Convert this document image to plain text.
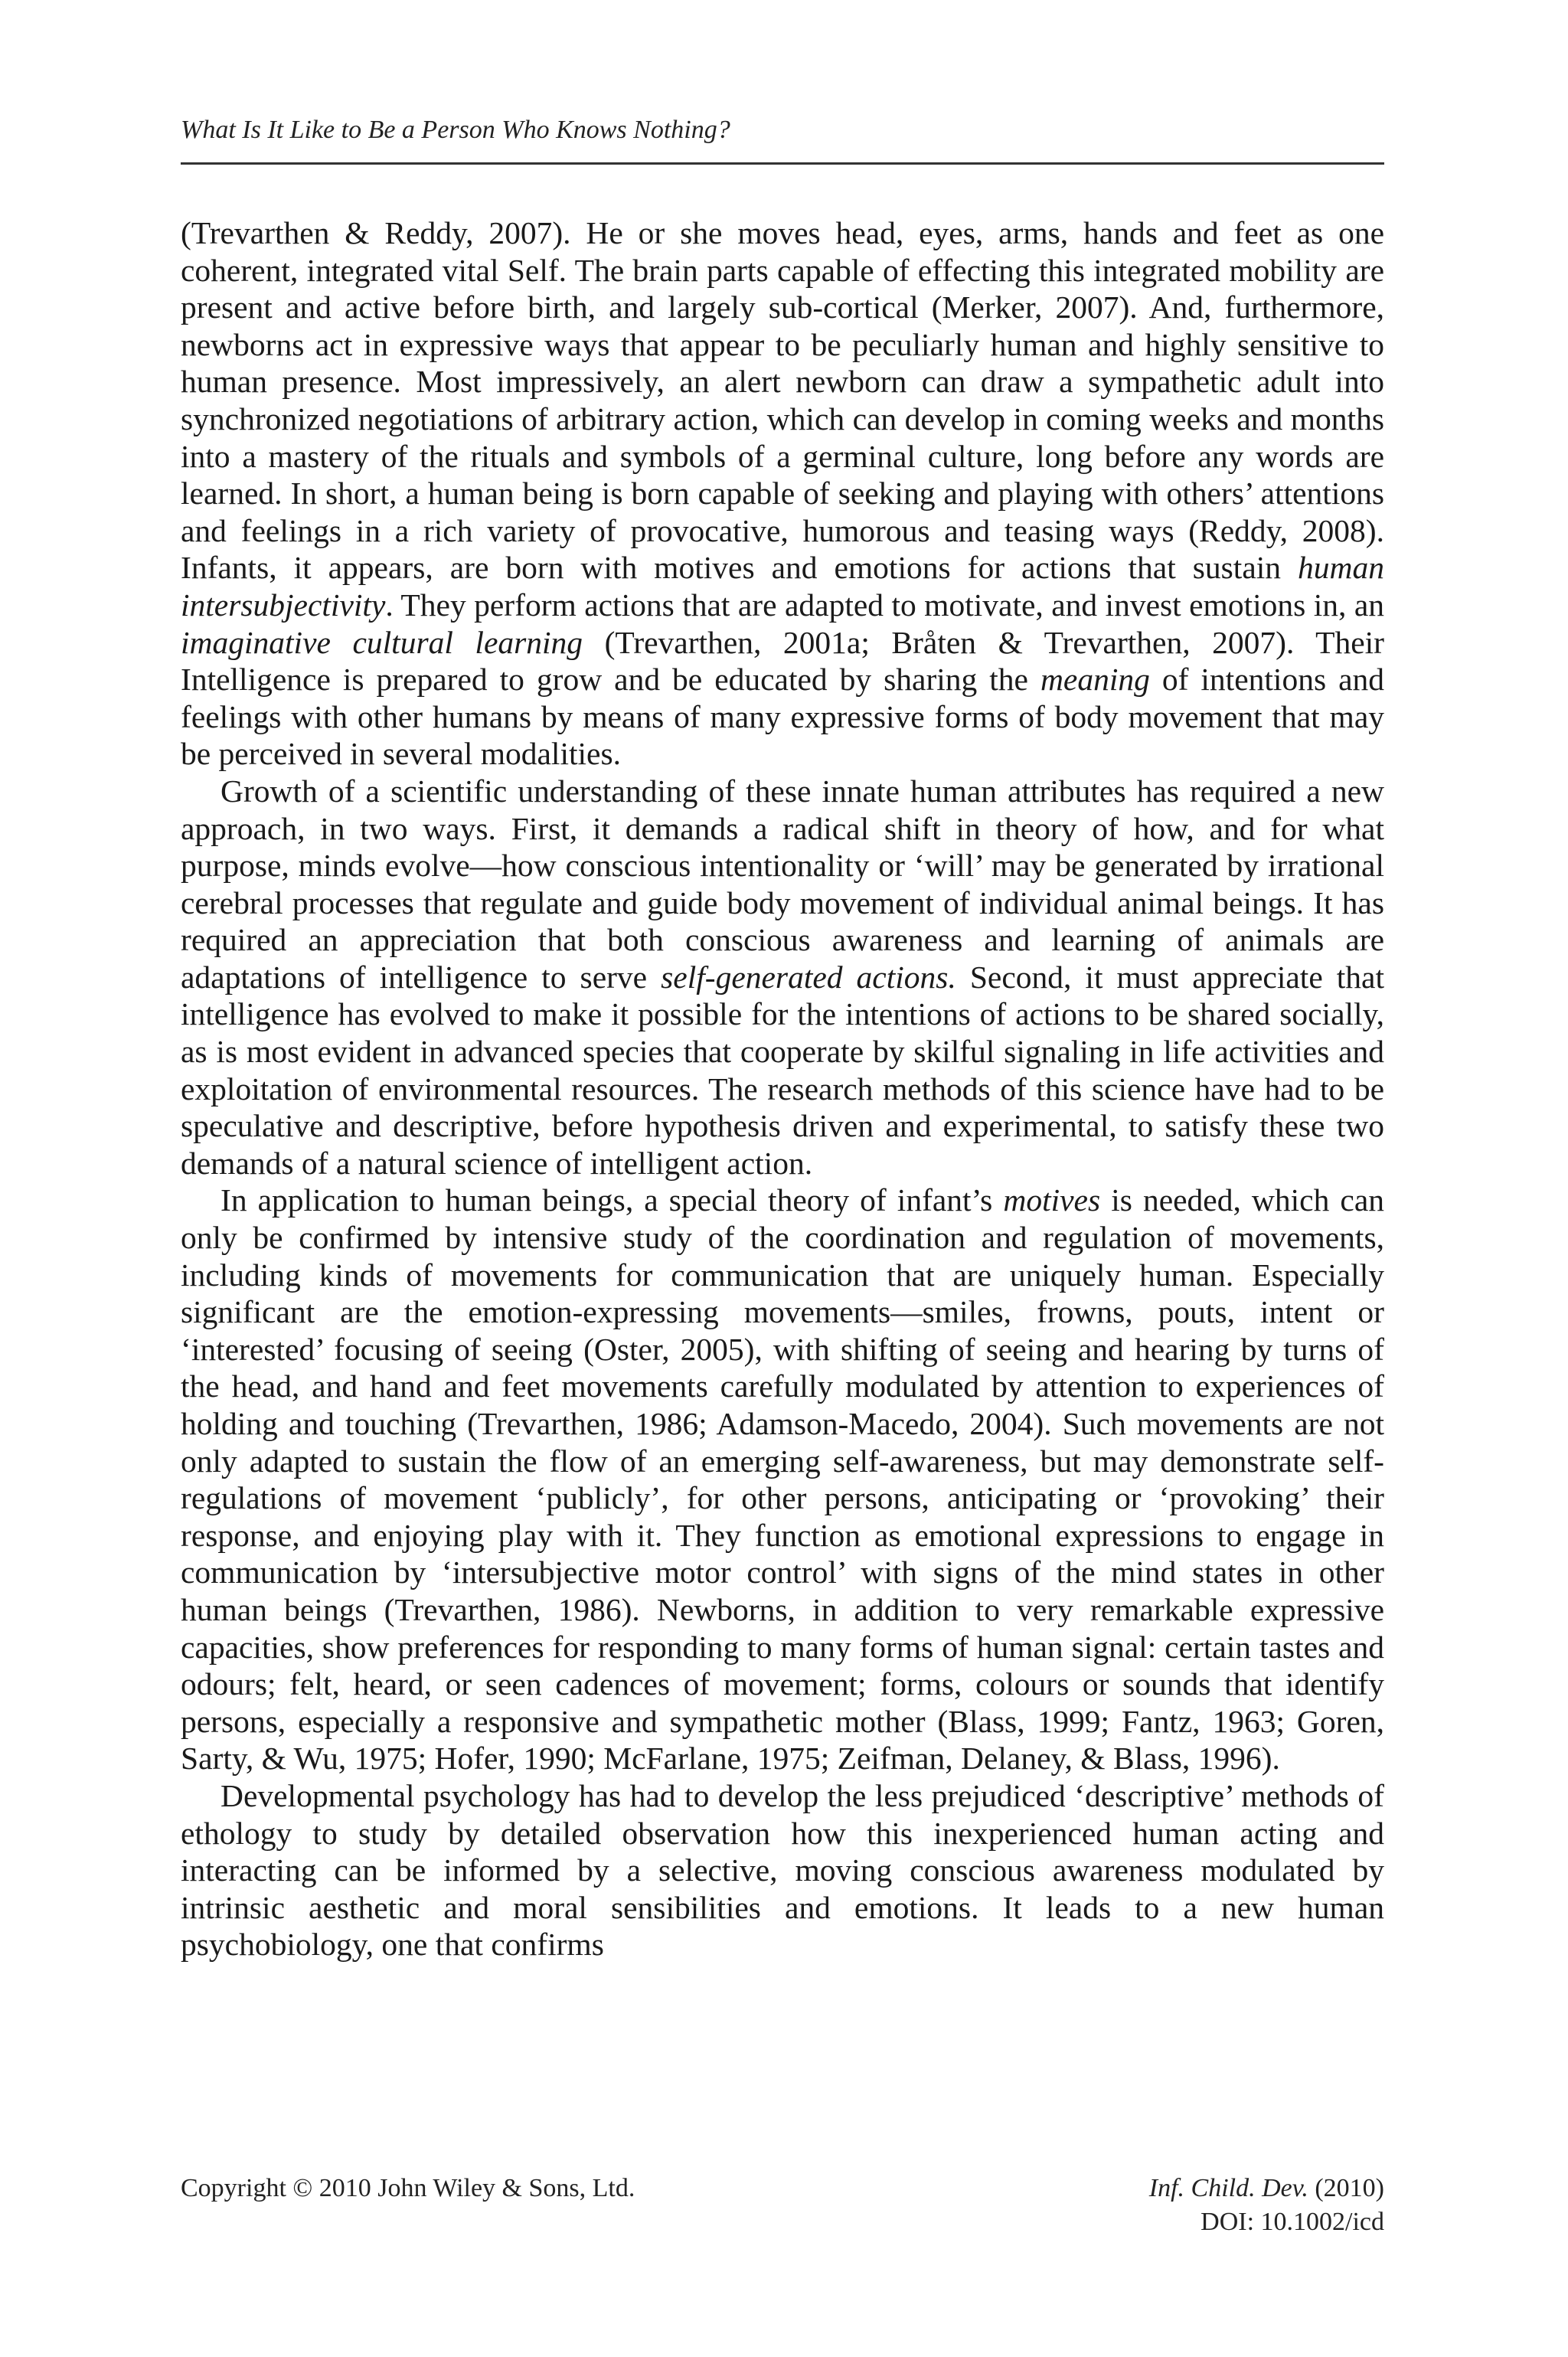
What Is It Like to Be a Person Who Knows Nothing?

(Trevarthen & Reddy, 2007). He or she moves head, eyes, arms, hands and feet as one coherent, integrated vital Self. The brain parts capable of effecting this integrated mobility are present and active before birth, and largely sub-cortical (Merker, 2007). And, furthermore, newborns act in expressive ways that appear to be peculiarly human and highly sensitive to human presence. Most impressively, an alert newborn can draw a sympathetic adult into synchronized negotiations of arbitrary action, which can develop in coming weeks and months into a mastery of the rituals and symbols of a germinal culture, long before any words are learned. In short, a human being is born capable of seeking and playing with others’ attentions and feelings in a rich variety of provocative, humorous and teasing ways (Reddy, 2008). Infants, it appears, are born with motives and emotions for actions that sustain human intersubjectivity. They perform actions that are adapted to motivate, and invest emotions in, an imaginative cultural learning (Trevarthen, 2001a; Bråten & Trevarthen, 2007). Their Intelligence is prepared to grow and be educated by sharing the meaning of intentions and feelings with other humans by means of many expressive forms of body movement that may be perceived in several modalities.

Growth of a scientific understanding of these innate human attributes has required a new approach, in two ways. First, it demands a radical shift in theory of how, and for what purpose, minds evolve—how conscious intentionality or ‘will’ may be generated by irrational cerebral processes that regulate and guide body movement of individual animal beings. It has required an appreciation that both conscious awareness and learning of animals are adaptations of intelligence to serve self-generated actions. Second, it must appreciate that intelligence has evolved to make it possible for the intentions of actions to be shared socially, as is most evident in advanced species that cooperate by skilful signaling in life activities and exploitation of environmental resources. The research methods of this science have had to be speculative and descriptive, before hypothesis driven and experimental, to satisfy these two demands of a natural science of intelligent action.

In application to human beings, a special theory of infant’s motives is needed, which can only be confirmed by intensive study of the coordination and regulation of movements, including kinds of movements for communication that are uniquely human. Especially significant are the emotion-expressing movements—smiles, frowns, pouts, intent or ‘interested’ focusing of seeing (Oster, 2005), with shifting of seeing and hearing by turns of the head, and hand and feet movements carefully modulated by attention to experiences of holding and touching (Trevarthen, 1986; Adamson-Macedo, 2004). Such movements are not only adapted to sustain the flow of an emerging self-awareness, but may demonstrate self-regulations of movement ‘publicly’, for other persons, anticipating or ‘provoking’ their response, and enjoying play with it. They function as emotional expressions to engage in communication by ‘intersubjective motor control’ with signs of the mind states in other human beings (Trevarthen, 1986). Newborns, in addition to very remarkable expressive capacities, show preferences for responding to many forms of human signal: certain tastes and odours; felt, heard, or seen cadences of movement; forms, colours or sounds that identify persons, especially a responsive and sympathetic mother (Blass, 1999; Fantz, 1963; Goren, Sarty, & Wu, 1975; Hofer, 1990; McFarlane, 1975; Zeifman, Delaney, & Blass, 1996).

Developmental psychology has had to develop the less prejudiced ‘descriptive’ methods of ethology to study by detailed observation how this inexperienced human acting and interacting can be informed by a selective, moving conscious awareness modulated by intrinsic aesthetic and moral sensibilities and emotions. It leads to a new human psychobiology, one that confirms

Copyright © 2010 John Wiley & Sons, Ltd.	Inf. Child. Dev. (2010)
DOI: 10.1002/icd
